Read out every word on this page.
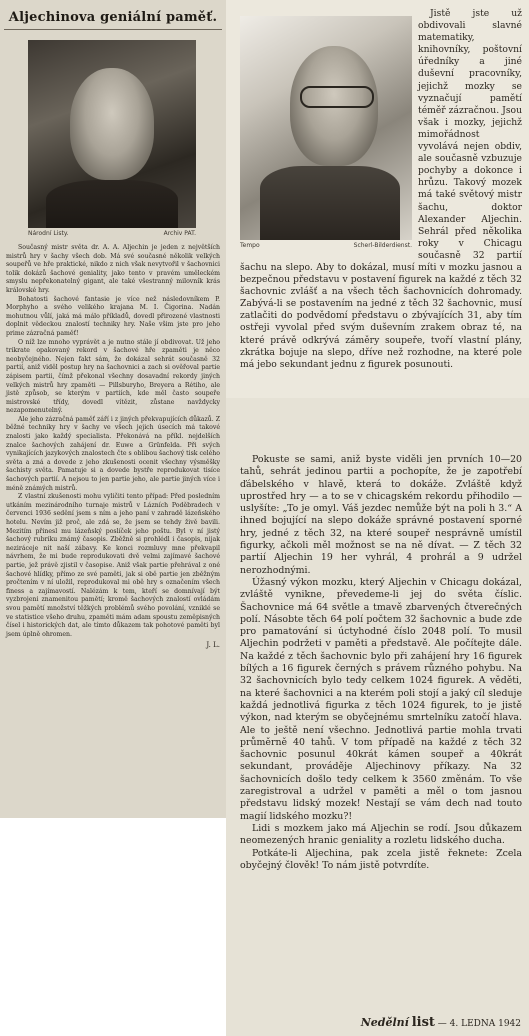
Aljechinova geniální paměť.
Národní Listy.	Archiv PAT.

Současný mistr světa dr. A. A. Aljechin je jeden z největších mistrů hry v šachy všech dob. Má své současné několik velkých soupeřů ve hře praktické, nikdo z nich však nevytvořil v šachovnici tolik dokázů šachové geniality, jako tento v pravém uměleckém smyslu nepřekonatelný gigant, ale také všestranný milovník krás královské hry.

Bohatosti šachové fantasie je více než následovníkem P. Morphyho a svého velikého krajana M. I. Čigorina. Nadán mohutnou vůlí, jaká má málo příkladů, dovedl přirozené vlastnosti doplnit vědeckou znalostí techniky hry. Naše všim jste pro jeho prime zázračná paměť!

O níž lze mnoho vyprávět a je nutno stále jí obdivovat. Už jeho trikrate opakovaný rekord v šachové hře zpaměti je něco neobyčejného. Nejen fakt sám, že dokázal sehrát současně 32 partií, aniž viděl postup hry na šachovnici a zach si ověřoval partie zápisem partii, čímž překonal všechny dosavadní rekordy jiných velkých mistrů hry zpaměti — Pillsburyho, Breyera a Rétiho, ale jistě způsob, se kterým v partiích, kde měl často soupeře mistrovské třídy, dovedl vítězit, zůstane navždycky nezapomenutelný.

Ale jeho zázračná paměť září i z jiných překvapujících důkazů. Z běžné techniky hry v šachy ve všech jejich úsecích má takové znalosti jako každý specialista. Překonává na příkl. nejdelších znalce šachových zahájení dr. Euwe a Grünfelda. Při svých vynikajících jazykových znalostech čte s oblibou šachový tisk celého světa a zná a dovede z jeho zkušenosti ocenit všechny výsměšky šachisty světa. Pamatuje si a dovede bystře reprodukovat tisíce šachových partií. A nejsou to jen partie jeho, ale partie jiných více i méně známých mistrů.

Z vlastní zkušenosti mohu vyličiti tento případ: Před posledním utkáním mezinárodního turnaje mistrů v Lázních Poděbradech v červenci 1936 sedění jsem s ním a jeho paní v zahradě lázeňského hotelu. Nevím již proč, ale zdá se, že jsem se tehdy živě bavili. Mezitím přinesl mu lázeňský poslíček jeho poštu. Byl v ní jistý šachový rubriku známý časopis. Zběžně si prohlédl i časopis, nijak neziráceje nit naší zábavy. Ke konci rozmluvy mne překvapil návrhem, že mi bude reprodukovati dvě velmi zajímavé šachové partie, jež právě zjistil v časopise. Aniž však partie přehrával z oné šachové hlídky, přímo ze své paměti, jak si obě partie jen zběžným pročtením v ní uložil, reprodukoval mi obě hry s označením všech finess a zajímavostí. Nalézám k tem, kteří se domnívají být vyzbrojeni znamenitou pamětí; kromě šachových znalostí ovládám svou pamětí množství těžkých problémů svého povolání, vzniklé se ve statistice všeho druhu, zpaměti mám adam spoustu zeměpisných čísel i historických dat, ale tímto důkazem tak pohotové paměti byl jsem úplně ohromen.

J. L.
Tempo	Scherl-Bilderdienst.

Jistě jste už obdivovali slavné matematiky, knihovníky, poštovní úředníky a jiné duševní pracovníky, jejichž mozky se vyznačují pamětí téměř zázračnou. Jsou však i mozky, jejichž mimořádnost vyvolává nejen obdiv, ale současně vzbuzuje pochyby a dokonce i hrůzu. Takový mozek má také světový mistr šachu, doktor Alexander Aljechin. Sehrál před několika roky v Chicagu současně 32 partií šachu na slepo. Aby to dokázal, musí míti v mozku jasnou a bezpečnou představu v postavení figurek na každé z těch 32 šachovnic zvlášť a na všech těch šachovnicích dohromady. Zabývá-li se postavením na jedné z těch 32 šachovnic, musí zatlačiti do podvědomí představu o zbývajících 31, aby tím ostřeji vyvolal před svým duševním zrakem obraz té, na které právě odkrývá záměry soupeře, tvoří vlastní plány, zkrátka bojuje na slepo, dříve než rozhodne, na které pole má jebo sekundant jednu z figurek posunouti.

Pokuste se sami, aniž byste viděli jen prvních 10—20 tahů, sehrát jedinou partii a pochopíte, že je zapotřebí ďábelského v hlavě, která to dokáže. Zvláště když uprostřed hry — a to se v chicagském rekordu přihodilo — uslyšíte: „To je omyl. Váš jezdec nemůže být na poli h 3.“ A ihned bojující na slepo dokáže správné postavení sporné hry, jedné z těch 32, na které soupeř nesprávně umístil figurky, ačkoli měl možnost se na ně dívat. — Z těch 32 partií Aljechin 19 her vyhrál, 4 prohrál a 9 udržel nerozhodnými.

Úžasný výkon mozku, který Aljechin v Chicagu dokázal, zvláště vynikne, převedeme-li jej do světa číslic. Šachovnice má 64 světle a tmavě zbarvených čtverečných polí. Násobte těch 64 polí počtem 32 šachovnic a bude zde pro pamatování si úctyhodné číslo 2048 polí. To musil Aljechin podržeti v paměti a představě. Ale počítejte dále. Na každé z těch šachovnic bylo při zahájení hry 16 figurek bílých a 16 figurek černých s právem různého pohybu. Na 32 šachovnicích bylo tedy celkem 1024 figurek. A věděti, na které šachovnici a na kterém poli stojí a jaký cíl sleduje každá jednotlivá figurka z těch 1024 figurek, to je jistě výkon, nad kterým se obyčejnému smrtelníku zatočí hlava. Ale to ještě není všechno. Jednotlivá partie mohla trvati průměrně 40 tahů. V tom případě na každé z těch 32 šachovnic posunul 40krát kámen soupeř a 40krát sekundant, prováděje Aljechinovy příkazy. Na 32 šachovnicích došlo tedy celkem k 3560 změnám. To vše zaregistroval a udržel v paměti a měl o tom jasnou představu lidský mozek! Nestají se vám dech nad touto magií lidského mozku?!

Lidi s mozkem jako má Aljechin se rodí. Jsou důkazem neomezených hranic geniality a rozletu lidského ducha.

Potkáte-li Aljechina, pak zcela jistě řeknete: Zcela obyčejný člověk! To nám jistě potvrdíte.

Nedělní list — 4. LEDNA 1942
